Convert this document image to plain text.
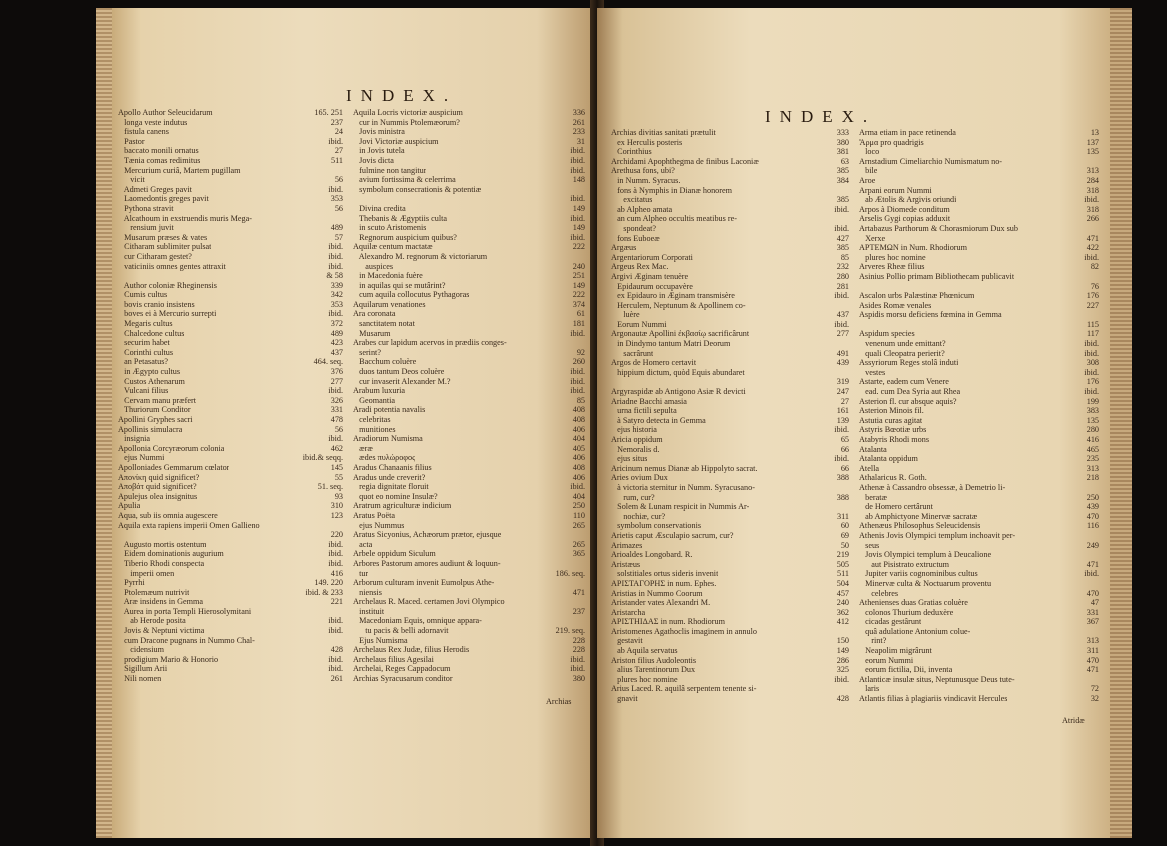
INDEX.
Apollo Author Seleucidarum	165. 251
longa veste indutus	237
fistula canens	24
Pastor	ibid.
baccato monili ornatus	27
Tænia comas redimitus	511
Mercurium curiâ, Martem pugillam
vicit	56
Admeti Greges pavit	ibid.
Laomedontis greges pavit	353
Pythona stravit	56
Alcathoum in exstruendis muris Mega-
rensium juvit	489
Musarum præses & vates	57
Citharam sublimiter pulsat	ibid.
cur Citharam gestet?	ibid.
vaticiniis omnes gentes attraxit	ibid.
& 58
Author coloniæ Rheginensis	339
Cumis cultus	342
bovis cranio insistens	353
boves ei à Mercurio surrepti	ibid.
Megaris cultus	372
Chalcedone cultus	489
securim habet	423
Corinthi cultus	437
an Petasatus?	464. seq.
in Ægypto cultus	376
Custos Athenarum	277
Vulcani filius	ibid.
Cervam manu præfert	326
Thuriorum Conditor	331
Apollini Gryphes sacri	478
Apollinis simulacra	56
insignia	ibid.
Apollonia Corcyræorum colonia	462
ejus Nummi	ibid.& seqq.
Apolloniades Gemmarum cœlator	145
Απονίκη quid significet?	55
Αποβάτ quid significet?	51. seq.
Apulejus olea insignitus	93
Apulia	310
Aqua, sub iis omnia augescere	123
Aquila exta rapiens imperii Omen Gallieno
220
Augusto mortis ostentum	ibid.
Eidem dominationis augurium	ibid.
Tiberio Rhodi conspecta	ibid.
imperii omen	416
Pyrrhi	149. 220
Ptolemæum nutrivit	ibid. & 233
Aræ insidens in Gemma	221
Aurea in porta Templi Hierosolymitani
ab Herode posita	ibid.
Jovis & Neptuni victima	ibid.
cum Dracone pugnans in Nummo Chal-
cidensium	428
prodigium Mario & Honorio	ibid.
Sigillum Arii	ibid.
Nili nomen	261
Aquila Locris victoriæ auspicium	336
cur in Nummis Ptolemæorum?	261
Jovis ministra	233
Jovi Victoriæ auspicium	31
in Jovis tutela	ibid.
Jovis dicta	ibid.
fulmine non tangitur	ibid.
avium fortissima & celerrima	148
symbolum consecrationis & potentiæ
ibid.
Divina credita	149
Thebanis & Ægyptiis culta	ibid.
in scuto Aristomenis	149
Regnorum auspicium quibus?	ibid.
Aquilæ centum mactatæ	222
Alexandro M. regnorum & victoriarum
auspices	240
in Macedonia fuère	251
in aquilas qui se mutârint?	149
cum aquila collocutus Pythagoras	222
Aquilarum venationes	374
Ara coronata	61
sanctitatem notat	181
Musarum	ibid.
Arabes cur lapidum acervos in prædiis conges-
serint?	92
Bacchum coluère	260
duos tantum Deos coluère	ibid.
cur invaserit Alexander M.?	ibid.
Arabum luxuria	ibid.
Geomantia	85
Aradi potentia navalis	408
celebritas	408
munitiones	406
Aradiorum Numisma	404
æræ	405
ædes πυλώροφος	406
Aradus Chanaanis filius	408
Aradus unde creverit?	406
regia dignitate floruit	ibid.
quot eo nomine Insulæ?	404
Aratrum agriculturæ indicium	250
Aratus Poëta	110
ejus Nummus	265
Aratus Sicyonius, Achæorum prætor, ejusque
acta	265
Arbele oppidum Siculum	365
Arbores Pastorum amores audiunt & loquun-
tur	186. seq.
Arborum culturam invenit Eumolpus Athe-
niensis	471
Archelaus R. Maced. certamen Jovi Olympico
instituit	237
Macedoniam Equis, omnique appara-
tu pacis & belli adornavit	219. seq.
Ejus Numisma	228
Archelaus Rex Judæ, filius Herodis	228
Archelaus filius Agesilai	ibid.
Archelai, Reges Cappadocum	ibid.
Archias Syracusarum conditor	380
Archias
INDEX.
Archias divitias sanitati prætulit	333
ex Herculis posteris	380
Corinthius	381
Archidami Apophthegma de finibus Laconiæ	63
Arethusa fons, ubi?	385
in Numm. Syracus.	384
fons à Nymphis in Dianæ honorem
excitatus	385
ab Alpheo amata	ibid.
an cum Alpheo occultis meatibus re-
spondeat?	ibid.
fons Euboeæ	427
Argæus	385
Argentariorum Corporati	85
Argeus Rex Mac.	232
Argivi Æginam tenuère	280
Epidaurum occupavère	281
ex Epidauro in Æginam transmisère	ibid.
Herculem, Neptunum & Apollinem co-
luère	437
Eorum Nummi	ibid.
Argonautæ Apollini ἐκβασίῳ sacrificârunt	277
in Dindymo tantum Matri Deorum
sacrârunt	491
Argos de Homero certavit	439
hippium dictum, quòd Equis abundaret
319
Argyraspidæ ab Antigono Asiæ R devicti	247
Ariadne Bacchi amasia	27
urna fictili sepulta	161
à Satyro detecta in Gemma	139
ejus historia	ibid.
Aricia oppidum	65
Nemoralis d.	66
ejus situs	ibid.
Aricinum nemus Dianæ ab Hippolyto sacrat.	66
Aries ovium Dux	388
à victoria sternitur in Numm. Syracusano-
rum, cur?	388
Solem & Lunam respicit in Nummis Ar-
nochiæ, cur?	311
symbolum conservationis	60
Arietis caput Æsculapio sacrum, cur?	69
Arimazes	50
Arioaldes Longobard. R.	219
Aristæus	505
solstitiales ortus sideris invenit	511
ΑΡΙΣΤΑΓΟΡΗΣ in num. Ephes.	504
Aristias in Nummo Coorum	457
Aristander vates Alexandri M.	240
Aristarcha	362
ΑΡΙΣΤΗΙΔΑΣ in num. Rhodiorum	412
Aristomenes Agathoclis imaginem in annulo
gestavit	150
ab Aquila servatus	149
Ariston filius Audoleontis	286
alius Tarentinorum Dux	325
plures hoc nomine	ibid.
Arius Laced. R. aquilâ serpentem tenente si-
gnavit	428
Arma etiam in pace retinenda	13
Ἄρμα pro quadrigis	137
loco	135
Arnstadium Cimeliarchio Numismatum no-
bile	313
Aroe	284
Arpani eorum Nummi	318
ab Ætolis & Argivis oriundi	ibid.
Arpos à Diomede conditum	318
Arselis Gygi copias adduxit	266
Artabazus Parthorum & Chorasmiorum Dux sub
Xerxe	471
ΑΡΤΕΜΩΝ in Num. Rhodiorum	422
plures hoc nomine	ibid.
Arveres Rheæ filius	82
Asinius Pollio primam Bibliothecam publicavit
76
Ascalon urbs Palæstinæ Phœnicum	176
Asides Romæ venales	227
Aspidis morsu deficiens fœmina in Gemma
115
Aspidum species	117
venenum unde emittant?	ibid.
quali Cleopatra perierit?	ibid.
Assyriorum Reges stolâ induti	308
vestes	ibid.
Astarte, eadem cum Venere	176
ead. cum Dea Syria aut Rhea	ibid.
Asterion fl. cur absque aquis?	199
Asterion Minois fil.	383
Astutia curas agitat	135
Astyris Bœotiæ urbs	280
Atabyris Rhodi mons	416
Atalanta	465
Atalanta oppidum	235
Atella	313
Athalaricus R. Goth.	218
Athenæ à Cassandro obsessæ, à Demetrio li-
beratæ	250
de Homero certârunt	439
ab Amphictyone Minervæ sacratæ	470
Athenæus Philosophus Seleucidensis	116
Athenis Jovis Olympici templum inchoavit per-
seus	249
Jovis Olympici templum à Deucalione
aut Pisistrato extructum	471
Jupiter variis cognominibus cultus	ibid.
Minervæ culta & Noctuarum proventu
celebres	470
Athenienses duas Gratias coluère	47
colonos Thurium deduxère	331
cicadas gestârunt	367
quâ adulatione Antonium colue-
rint?	313
Neapolim migrârunt	311
eorum Nummi	470
eorum fictilia, Dii, inventa	471
Atlanticæ insulæ situs, Neptunusque Deus tute-
laris	72
Atlantis filias à plagiariis vindicavit Hercules	32
Atridæ
